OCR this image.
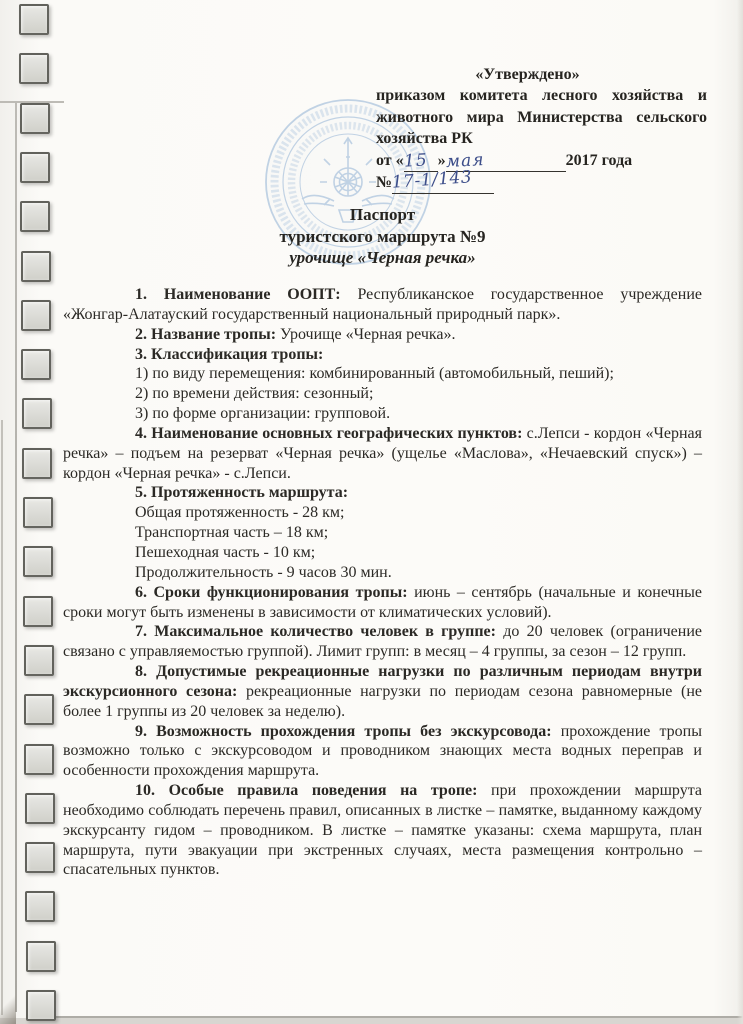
«Утверждено»
приказом комитета лесного хозяйства и
животного мира Министерства сельского
хозяйства РК
от «15 »мая	2017 года
№17-1/143
Паспорт
туристского маршрута №9
урочище «Черная речка»

1. Наименование ООПТ: Республиканское государственное учреждение «Жонгар-Алатауский государственный национальный природный парк».

2. Название тропы: Урочище «Черная речка».

3. Классификация тропы:

1) по виду перемещения: комбинированный (автомобильный, пеший);
2) по времени действия: сезонный;
3) по форме организации: групповой.

4. Наименование основных географических пунктов: с.Лепси - кордон «Черная речка» – подъем на резерват «Черная речка» (ущелье «Маслова», «Нечаевский спуск») – кордон «Черная речка» - с.Лепси.

5. Протяженность маршрута:

Общая протяженность - 28 км;
Транспортная часть – 18 км;
Пешеходная часть - 10 км;
Продолжительность - 9 часов 30 мин.

6. Сроки функционирования тропы: июнь – сентябрь (начальные и конечные сроки могут быть изменены в зависимости от климатических условий).

7. Максимальное количество человек в группе: до 20 человек (ограничение связано с управляемостью группой). Лимит групп: в месяц – 4 группы, за сезон – 12 групп.

8. Допустимые рекреационные нагрузки по различным периодам внутри экскурсионного сезона: рекреационные нагрузки по периодам сезона равномерные (не более 1 группы из 20 человек за неделю).

9. Возможность прохождения тропы без экскурсовода: прохождение тропы возможно только с экскурсоводом и проводником знающих места водных переправ и особенности прохождения маршрута.

10. Особые правила поведения на тропе: при прохождении маршрута необходимо соблюдать перечень правил, описанных в листке – памятке, выданному каждому экскурсанту гидом – проводником. В листке – памятке указаны: схема маршрута, план маршрута, пути эвакуации при экстренных случаях, места размещения контрольно – спасательных пунктов.
